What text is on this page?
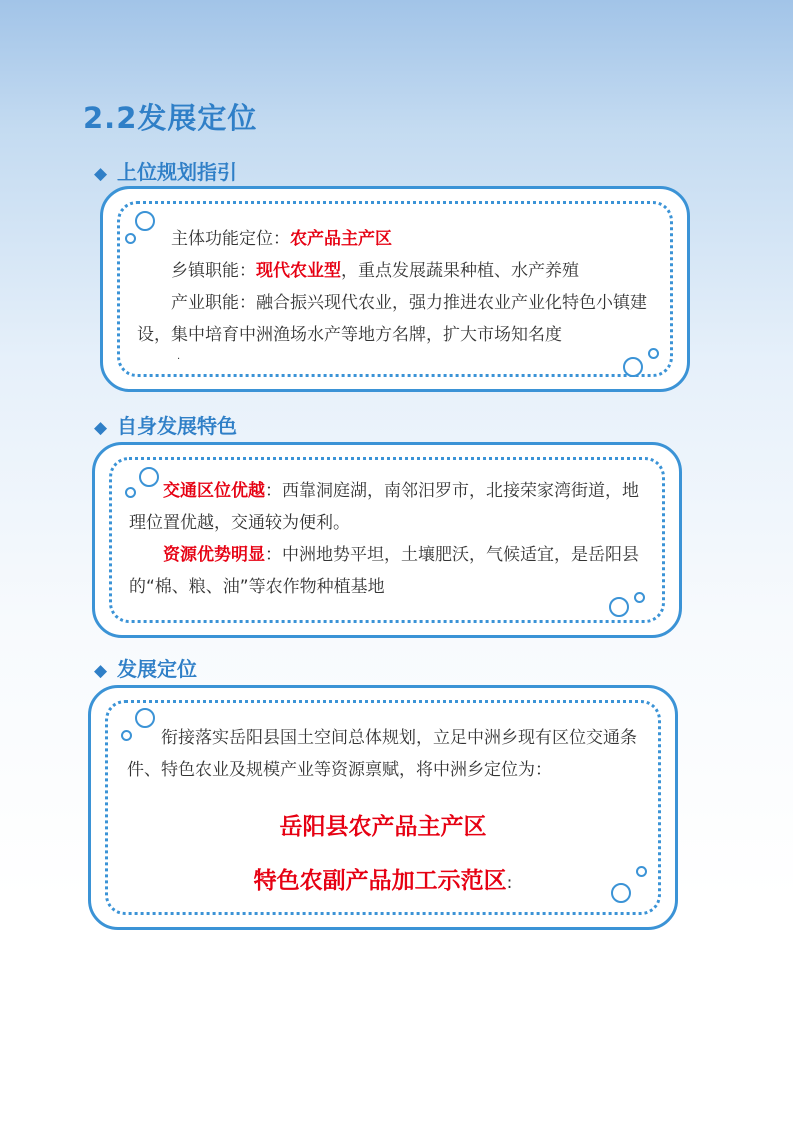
2.2发展定位
◆ 上位规划指引

主体功能定位：农产品主产区

乡镇职能：现代农业型，重点发展蔬果种植、水产养殖

产业职能：融合振兴现代农业，强力推进农业产业化特色小镇建设，集中培育中洲渔场水产等地方名牌，扩大市场知名度

.

◆ 自身发展特色

交通区位优越：西靠洞庭湖，南邻汨罗市，北接荣家湾街道，地理位置优越，交通较为便利。

资源优势明显：中洲地势平坦，土壤肥沃，气候适宜，是岳阳县的“棉、粮、油”等农作物种植基地

◆ 发展定位

衔接落实岳阳县国土空间总体规划，立足中洲乡现有区位交通条件、特色农业及规模产业等资源禀赋，将中洲乡定位为：

岳阳县农产品主产区
特色农副产品加工示范区:
